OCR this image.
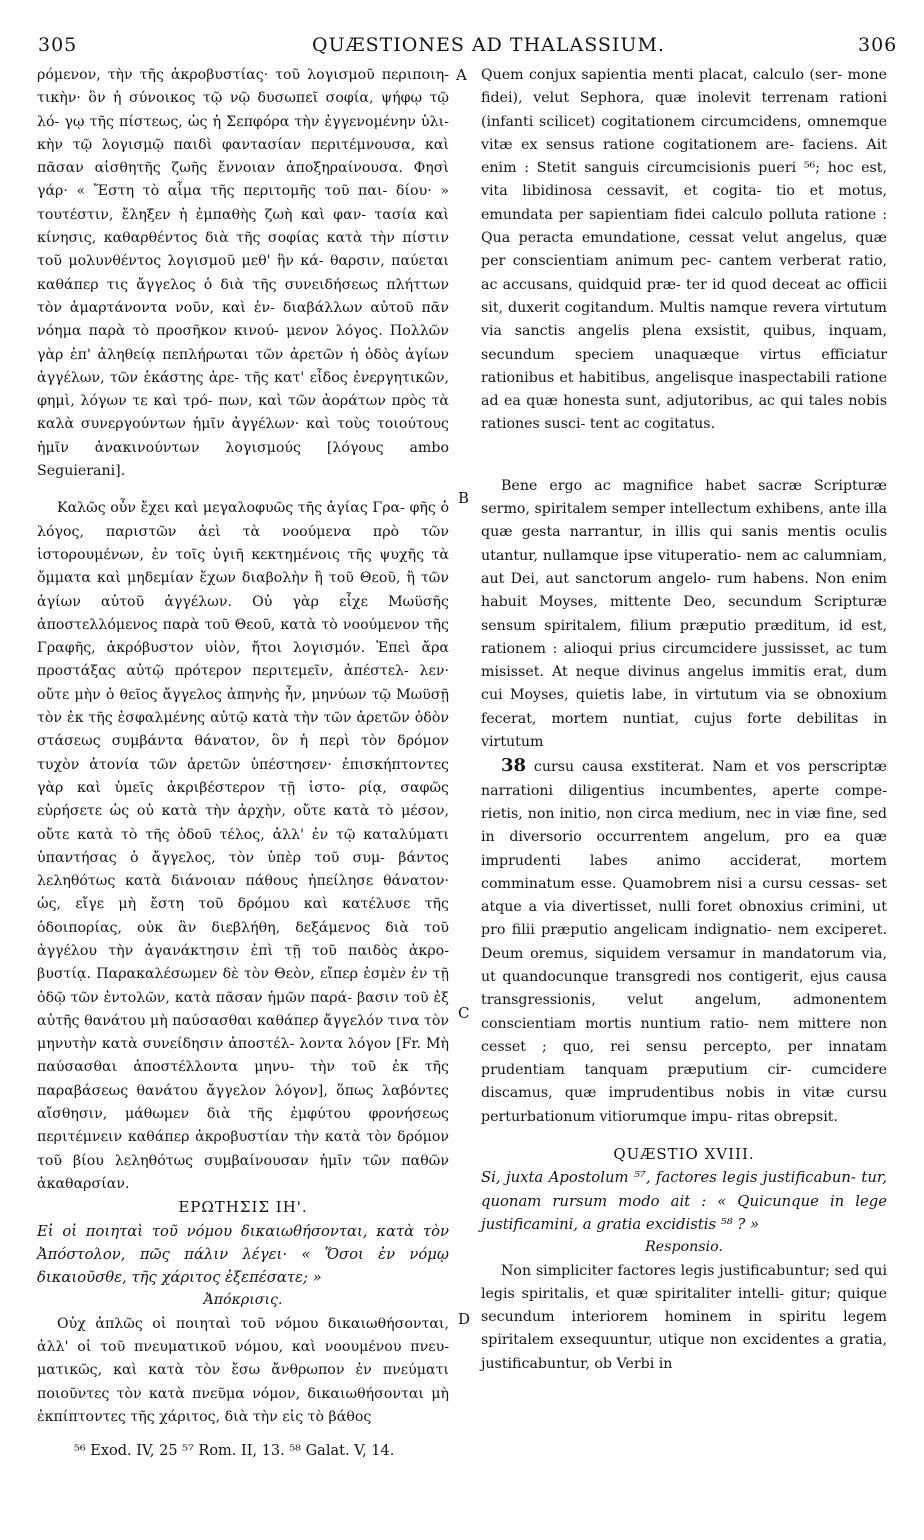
305	QUÆSTIONES AD THALASSIUM.	306
A
B
C
D

ρόμενον, τὴν τῆς ἀκροβυστίας· τοῦ λογισμοῦ περιποιη- τικὴν· ὃν ἡ σύνοικος τῷ νῷ δυσωπεῖ σοφία, ψήφῳ τῷ λό- γῳ τῆς πίστεως, ὡς ἡ Σεπφόρα τὴν ἐγγενομένην ὑλι- κὴν τῷ λογισμῷ παιδὶ φαντασίαν περιτέμνουσα, καὶ πᾶσαν αἰσθητῆς ζωῆς ἔννοιαν ἀποξηραίνουσα. Φησὶ γάρ· « Ἔστη τὸ αἷμα τῆς περιτομῆς τοῦ παι- δίου· » τουτέστιν, ἔληξεν ἡ ἐμπαθὴς ζωὴ καὶ φαν- τασία καὶ κίνησις, καθαρθέντος διὰ τῆς σοφίας κατὰ τὴν πίστιν τοῦ μολυνθέντος λογισμοῦ μεθ' ἣν κά- θαρσιν, παύεται καθάπερ τις ἄγγελος ὁ διὰ τῆς συνειδήσεως πλήττων τὸν ἁμαρτάνοντα νοῦν, καὶ ἐν- διαβάλλων αὐτοῦ πᾶν νόημα παρὰ τὸ προσῆκον κινού- μενον λόγος. Πολλῶν γὰρ ἐπ' ἀληθείᾳ πεπλήρωται τῶν ἀρετῶν ἡ ὁδὸς ἁγίων ἀγγέλων, τῶν ἑκάστης ἀρε- τῆς κατ' εἶδος ἐνεργητικῶν, φημὶ, λόγων τε καὶ τρό- πων, καὶ τῶν ἀοράτων πρὸς τὰ καλὰ συνεργούντων ἡμῖν ἀγγέλων· καὶ τοὺς τοιούτους ἡμῖν ἀνακινούντων λογισμούς [λόγους ambo Seguierani].

Καλῶς οὖν ἔχει καὶ μεγαλοφυῶς τῆς ἁγίας Γρα- φῆς ὁ λόγος, παριστῶν ἀεὶ τὰ νοούμενα πρὸ τῶν ἱστορουμένων, ἐν τοῖς ὑγιῆ κεκτημένοις τῆς ψυχῆς τὰ ὄμματα καὶ μηδεμίαν ἔχων διαβολὴν ἢ τοῦ Θεοῦ, ἢ τῶν ἁγίων αὐτοῦ ἀγγέλων. Οὐ γὰρ εἶχε Μωϋσῆς ἀποστελλόμενος παρὰ τοῦ Θεοῦ, κατὰ τὸ νοούμενον τῆς Γραφῆς, ἀκρόβυστον υἱὸν, ἤτοι λογισμόν. Ἐπεὶ ἄρα προστάξας αὐτῷ πρότερον περιτεμεῖν, ἀπέστελ- λεν· οὔτε μὴν ὁ θεῖος ἄγγελος ἀπηνὴς ἦν, μηνύων τῷ Μωϋσῇ τὸν ἐκ τῆς ἐσφαλμένης αὐτῷ κατὰ τὴν τῶν ἀρετῶν ὁδὸν στάσεως συμβάντα θάνατον, ὃν ἡ περὶ τὸν δρόμον τυχὸν ἀτονία τῶν ἀρετῶν ὑπέστησεν· ἐπισκήπτοντες γὰρ καὶ ὑμεῖς ἀκριβέστερον τῇ ἱστο- ρίᾳ, σαφῶς εὑρήσετε ὡς οὐ κατὰ τὴν ἀρχὴν, οὔτε κατὰ τὸ μέσον, οὔτε κατὰ τὸ τῆς ὁδοῦ τέλος, ἀλλ' ἐν τῷ καταλύματι ὑπαντήσας ὁ ἄγγελος, τὸν ὑπὲρ τοῦ συμ- βάντος λεληθότως κατὰ διάνοιαν πάθους ἠπείλησε θάνατον· ὡς, εἴγε μὴ ἔστη τοῦ δρόμου καὶ κατέλυσε τῆς ὁδοιπορίας, οὐκ ἂν διεβλήθη, δεξάμενος διὰ τοῦ ἀγγέλου τὴν ἀγανάκτησιν ἐπὶ τῇ τοῦ παιδὸς ἀκρο- βυστίᾳ. Παρακαλέσωμεν δὲ τὸν Θεὸν, εἴπερ ἐσμὲν ἐν τῇ ὁδῷ τῶν ἐντολῶν, κατὰ πᾶσαν ἡμῶν παρά- βασιν τοῦ ἐξ αὐτῆς θανάτου μὴ παύσασθαι καθάπερ ἄγγελόν τινα τὸν μηνυτὴν κατὰ συνείδησιν ἀποστέλ- λοντα λόγον [Fr. Μὴ παύσασθαι ἀποστέλλοντα μηνυ- τὴν τοῦ ἐκ τῆς παραβάσεως θανάτου ἄγγελον λόγον], ὅπως λαβόντες αἴσθησιν, μάθωμεν διὰ τῆς ἐμφύτου φρονήσεως περιτέμνειν καθάπερ ἀκροβυστίαν τὴν κατὰ τὸν δρόμον τοῦ βίου λεληθότως συμβαίνουσαν ἡμῖν τῶν παθῶν ἀκαθαρσίαν.

ΕΡΩΤΗΣΙΣ ΙΗ'.

Εἰ οἱ ποιηταὶ τοῦ νόμου δικαιωθήσονται, κατὰ τὸν Ἀπόστολον, πῶς πάλιν λέγει· « Ὅσοι ἐν νόμῳ δικαιοῦσθε, τῆς χάριτος ἐξεπέσατε; »

Ἀπόκρισις.

Οὐχ ἁπλῶς οἱ ποιηταὶ τοῦ νόμου δικαιωθήσονται, ἀλλ' οἱ τοῦ πνευματικοῦ νόμου, καὶ νοουμένου πνευ- ματικῶς, καὶ κατὰ τὸν ἔσω ἄνθρωπον ἐν πνεύματι ποιοῦντες τὸν κατὰ πνεῦμα νόμον, δικαιωθήσονται μὴ ἐκπίπτοντες τῆς χάριτος, διὰ τὴν εἰς τὸ βάθος

Quem conjux sapientia menti placat, calculo (ser- mone fidei), velut Sephora, quæ inolevit terrenam rationi (infanti scilicet) cogitationem circumcidens, omnemque vitæ ex sensus ratione cogitationem are- faciens. Ait enim : Stetit sanguis circumcisionis pueri ⁵⁶; hoc est, vita libidinosa cessavit, et cogita- tio et motus, emundata per sapientiam fidei calculo polluta ratione : Qua peracta emundatione, cessat velut angelus, quæ per conscientiam animum pec- cantem verberat ratio, ac accusans, quidquid præ- ter id quod deceat ac officii sit, duxerit cogitandum. Multis namque revera virtutum via sanctis angelis plena exsistit, quibus, inquam, secundum speciem unaquæque virtus efficiatur rationibus et habitibus, angelisque inaspectabili ratione ad ea quæ honesta sunt, adjutoribus, ac qui tales nobis rationes susci- tent ac cogitatus.

Bene ergo ac magnifice habet sacræ Scripturæ sermo, spiritalem semper intellectum exhibens, ante illa quæ gesta narrantur, in illis qui sanis mentis oculis utantur, nullamque ipse vituperatio- nem ac calumniam, aut Dei, aut sanctorum angelo- rum habens. Non enim habuit Moyses, mittente Deo, secundum Scripturæ sensum spiritalem, filium præputio præditum, id est, rationem : alioqui prius circumcidere jussisset, ac tum misisset. At neque divinus angelus immitis erat, dum cui Moyses, quietis labe, in virtutum via se obnoxium fecerat, mortem nuntiat, cujus forte debilitas in virtutum
38 cursu causa exstiterat. Nam et vos perscriptæ narrationi diligentius incumbentes, aperte compe- rietis, non initio, non circa medium, nec in viæ fine, sed in diversorio occurrentem angelum, pro ea quæ imprudenti labes animo acciderat, mortem comminatum esse. Quamobrem nisi a cursu cessas- set atque a via divertisset, nulli foret obnoxius crimini, ut pro filii præputio angelicam indignatio- nem exciperet. Deum oremus, siquidem versamur in mandatorum via, ut quandocunque transgredi nos contigerit, ejus causa transgressionis, velut angelum, admonentem conscientiam mortis nuntium ratio- nem mittere non cesset ; quo, rei sensu percepto, per innatam prudentiam tanquam præputium cir- cumcidere discamus, quæ imprudentibus nobis in vitæ cursu perturbationum vitiorumque impu- ritas obrepsit.

QUÆSTIO XVIII.

Si, juxta Apostolum ⁵⁷, factores legis justificabun- tur, quonam rursum modo ait : « Quicunque in lege justificamini, a gratia excidistis ⁵⁸ ? »

Responsio.

Non simpliciter factores legis justificabuntur; sed qui legis spiritalis, et quæ spiritaliter intelli- gitur; quique secundum interiorem hominem in spiritu legem spiritalem exsequuntur, utique non excidentes a gratia, justificabuntur, ob Verbi in

⁵⁶ Exod. IV, 25 ⁵⁷ Rom. II, 13. ⁵⁸ Galat. V, 14.
